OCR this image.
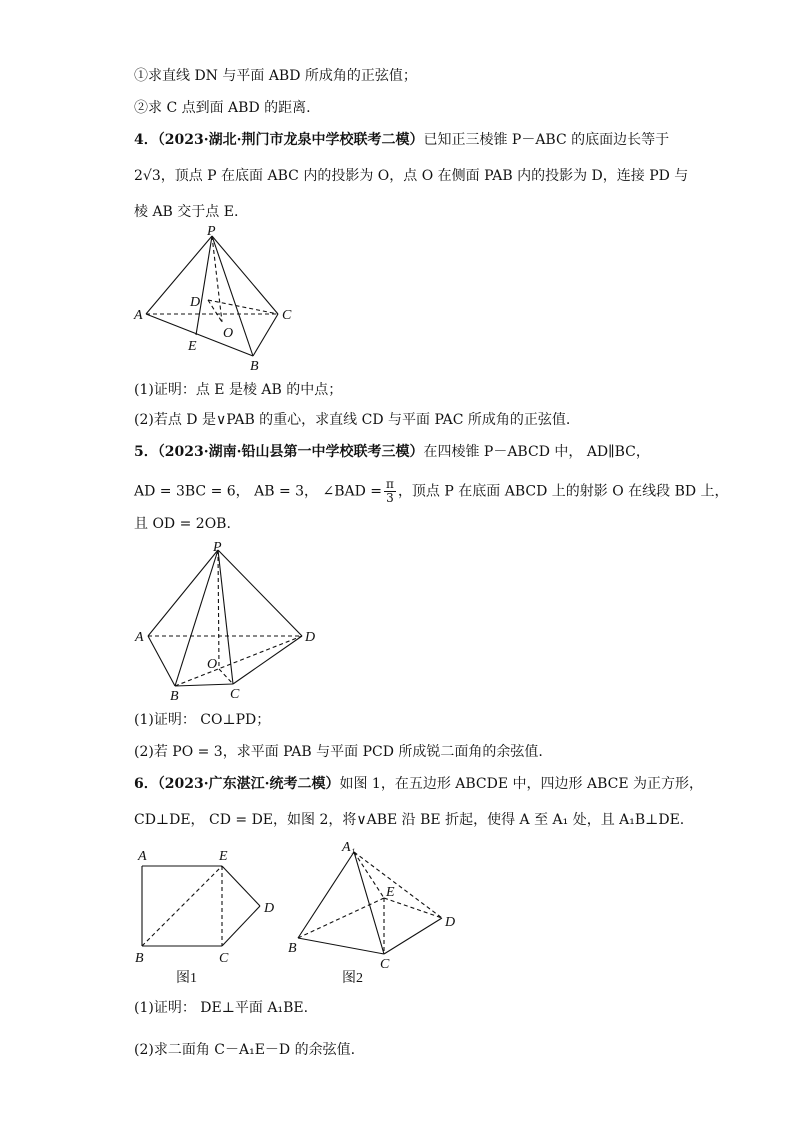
①求直线 DN 与平面 ABD 所成角的正弦值；
②求 C 点到面 ABD 的距离.
4．（2023·湖北·荆门市龙泉中学校联考二模）已知正三棱锥 P－ABC 的底面边长等于
2√3，顶点 P 在底面 ABC 内的投影为 O，点 O 在侧面 PAB 内的投影为 D，连接 PD 与
棱 AB 交于点 E.
P
A	C
B
D
E
O
(1)证明：点 E 是棱 AB 的中点；
(2)若点 D 是∨PAB 的重心，求直线 CD 与平面 PAC 所成角的正弦值.
5．（2023·湖南·铅山县第一中学校联考三模）在四棱锥 P－ABCD 中， AD∥BC，
AD = 3BC = 6， AB = 3， ∠BAD = $\frac{\pi}{3}$ ，顶点 P 在底面 ABCD 上的射影 O 在线段 BD 上，
且 OD = 2OB.
P
A	D
B	C
O
(1)证明： CO⊥PD；
(2)若 PO = 3，求平面 PAB 与平面 PCD 所成锐二面角的余弦值.
6．（2023·广东湛江·统考二模）如图 1，在五边形 ABCDE 中，四边形 ABCE 为正方形，
CD⊥DE， CD = DE，如图 2，将∨ABE 沿 BE 折起，使得 A 至 A₁ 处，且 A₁B⊥DE.
A	E
D
B	C
图1
A₁
E
D
B
C
图2
(1)证明： DE⊥平面 A₁BE.
(2)求二面角 C－A₁E－D 的余弦值.
